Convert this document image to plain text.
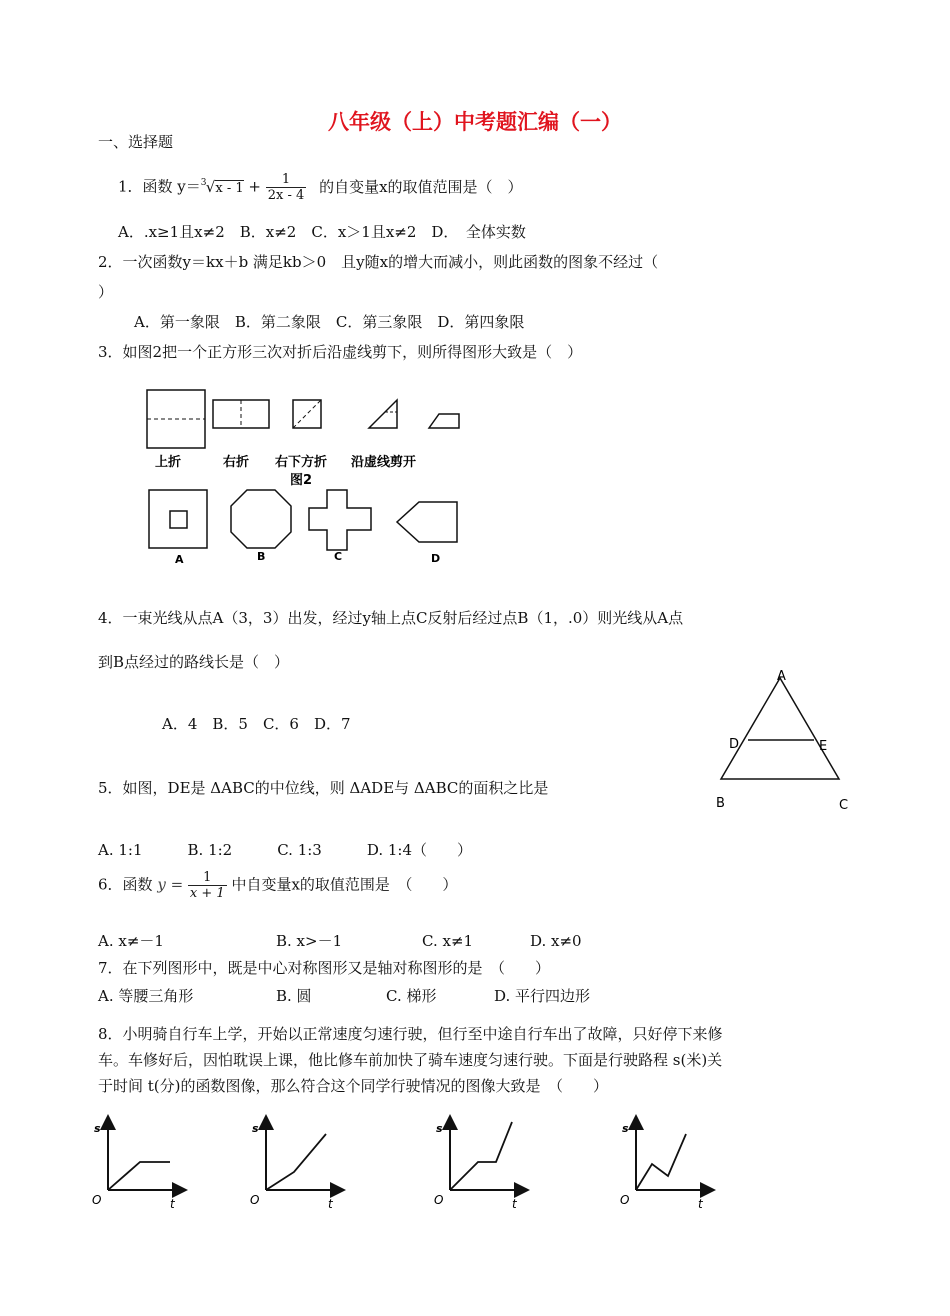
八年级（上）中考题汇编（一）
一、选择题
1．函数 y＝ 3 $√x - 1 + \frac{1}{2x - 4}$ 的自变量x的取值范围是（　）
A．.x≥1且x≠2　B．x≠2　C．x＞1且x≠2　D．　全体实数
2．一次函数y＝kx＋b 满足kb＞0　且y随x的增大而减小，则此函数的图象不经过（
）
A．第一象限　B．第二象限　C．第三象限　D．第四象限
3．如图2把一个正方形三次对折后沿虚线剪下，则所得图形大致是（　）
上折	右折 右下方折 沿虚线剪开
图2
A	B	C	D
4．一束光线从点A（3，3）出发，经过y轴上点C反射后经过点B（1，.0）则光线从A点
到B点经过的路线长是（　）
A．4　B．5　C．6　D．7
A
D	E
B	C
5．如图，DE是 ΔABC的中位线，则 ΔADE与 ΔABC的面积之比是
A. 1:1　　　B. 1:2　　　C. 1:3　　　D. 1:4（　　）
6．函数 $y = \frac{1}{x + 1}$ 中自变量x的取值范围是　（　　）
A. x≠－1	B. x>－1	C. x≠1	D. x≠0
7．在下列图形中，既是中心对称图形又是轴对称图形的是　（　　）
A. 等腰三角形	B. 圆	C. 梯形	D. 平行四边形
8．小明骑自行车上学，开始以正常速度匀速行驶，但行至中途自行车出了故障，只好停下来修
车。车修好后，因怕耽误上课，他比修车前加快了骑车速度匀速行驶。下面是行驶路程 s(米)关
于时间 t(分)的函数图像，那么符合这个同学行驶情况的图像大致是　（　　）
s
O	t
s
O	t
s
O	t
s
O	t
